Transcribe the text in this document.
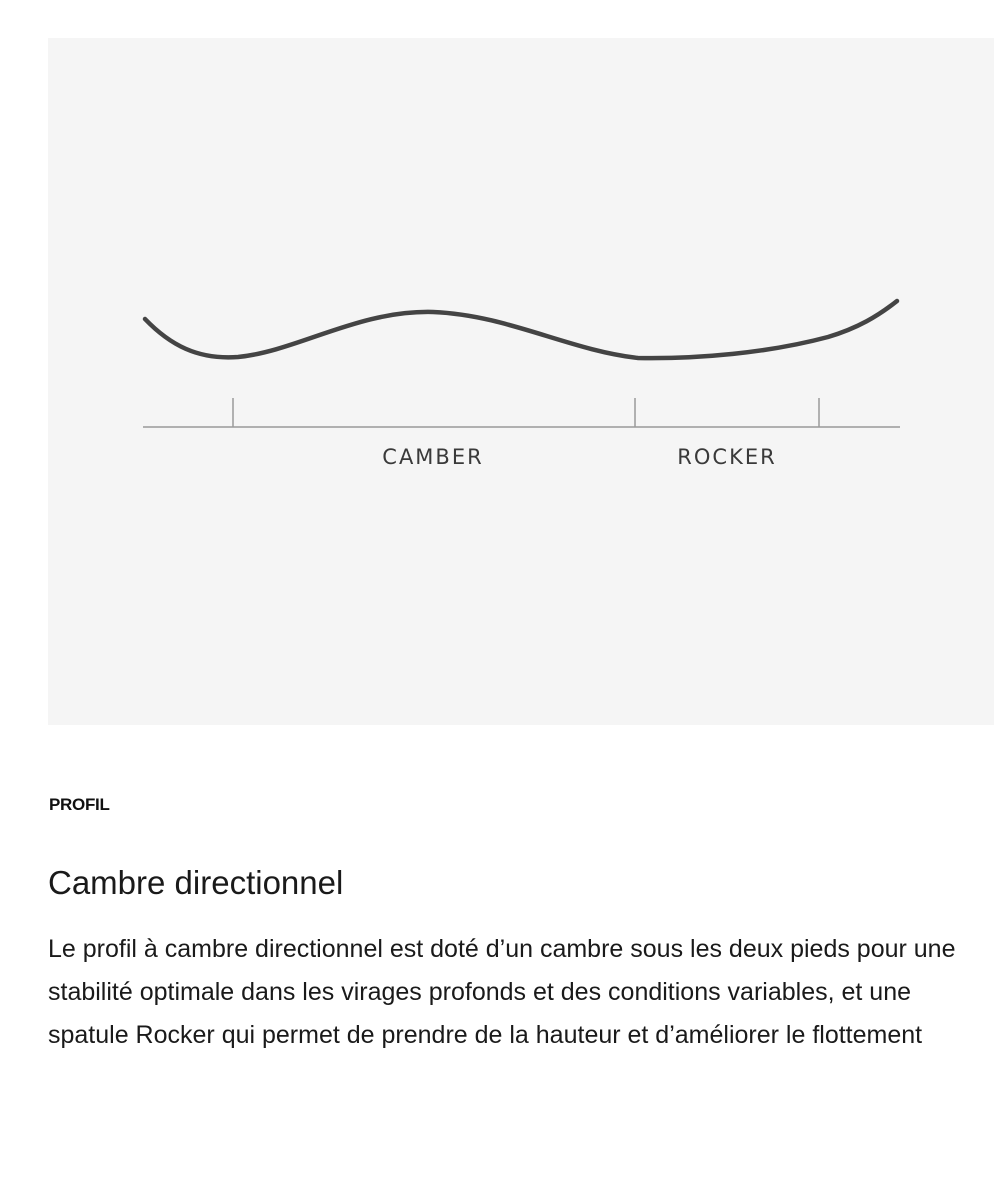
CAMBER	ROCKER
PROFIL
Cambre directionnel

Le profil à cambre directionnel est doté d’un cambre sous les deux pieds pour une stabilité optimale dans les virages profonds et des conditions variables, et une spatule Rocker qui permet de prendre de la hauteur et d’améliorer le flottement
